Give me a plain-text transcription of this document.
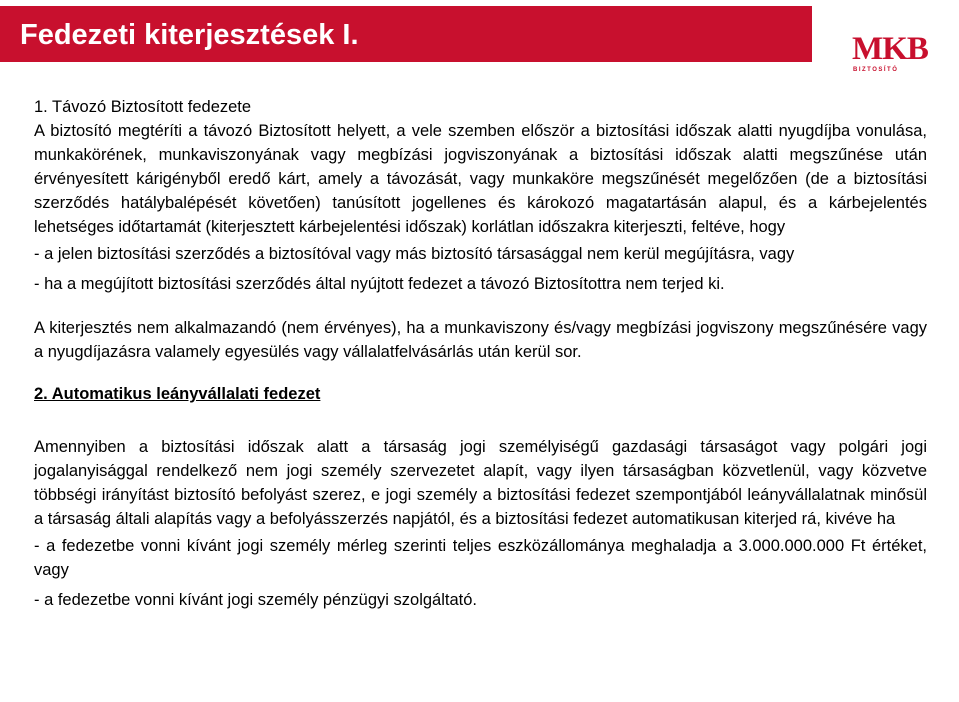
Fedezeti kiterjesztések I.	MKB
BIZTOSÍTÓ

1. Távozó Biztosított fedezete

A biztosító megtéríti a távozó Biztosított helyett, a vele szemben először a biztosítási időszak alatti nyugdíjba vonulása, munkakörének, munkaviszonyának vagy megbízási jogviszonyának a biztosítási időszak alatti megszűnése után érvényesített kárigényből eredő kárt, amely a távozását, vagy munkaköre megszűnését megelőzően (de a biztosítási szerződés hatálybalépését követően) tanúsított jogellenes és károkozó magatartásán alapul, és a kárbejelentés lehetséges időtartamát (kiterjesztett kárbejelentési időszak) korlátlan időszakra kiterjeszti, feltéve, hogy

- a jelen biztosítási szerződés a biztosítóval vagy más biztosító társasággal nem kerül megújításra, vagy

- ha a megújított biztosítási szerződés által nyújtott fedezet a távozó Biztosítottra nem terjed ki.

A kiterjesztés nem alkalmazandó (nem érvényes), ha a munkaviszony és/vagy megbízási jogviszony megszűnésére vagy a nyugdíjazásra valamely egyesülés vagy vállalatfelvásárlás után kerül sor.

2. Automatikus leányvállalati fedezet

Amennyiben a biztosítási időszak alatt a társaság jogi személyiségű gazdasági társaságot vagy polgári jogi jogalanyisággal rendelkező nem jogi személy szervezetet alapít, vagy ilyen társaságban közvetlenül, vagy közvetve többségi irányítást biztosító befolyást szerez, e jogi személy a biztosítási fedezet szempontjából leányvállalatnak minősül a társaság általi alapítás vagy a befolyásszerzés napjától, és a biztosítási fedezet automatikusan kiterjed rá, kivéve ha

- a fedezetbe vonni kívánt jogi személy mérleg szerinti teljes eszközállománya meghaladja a 3.000.000.000 Ft értéket, vagy

- a fedezetbe vonni kívánt jogi személy pénzügyi szolgáltató.
